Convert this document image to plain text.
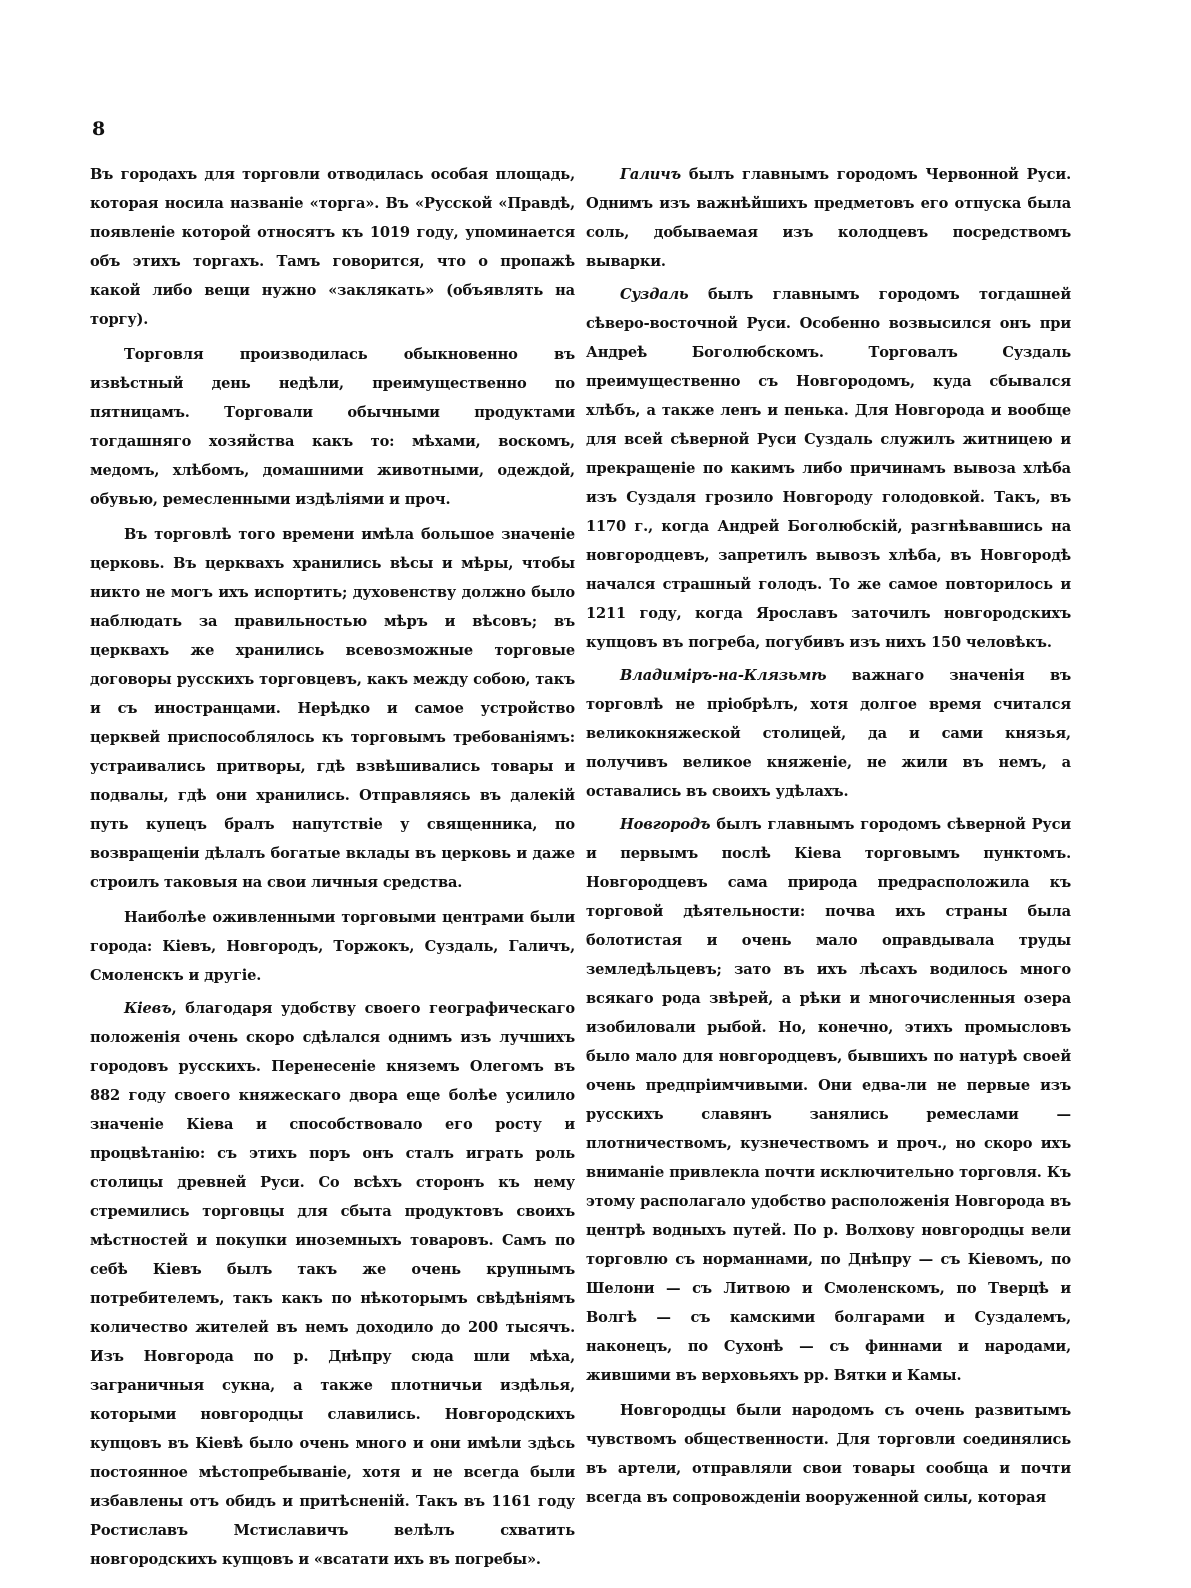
8

Въ городахъ для торговли отводилась особая площадь, которая носила названіе «торга». Въ «Русской «Правдѣ, появленіе которой относятъ къ 1019 году, упоминается объ этихъ торгахъ. Тамъ говорится, что о пропажѣ какой либо вещи нужно «заклякать» (объявлять на торгу).

Торговля производилась обыкновенно въ извѣстный день недѣли, преимущественно по пятницамъ. Торговали обычными продуктами тогдашняго хозяйства какъ то: мѣхами, воскомъ, медомъ, хлѣбомъ, домашними животными, одеждой, обувью, ремесленными издѣліями и проч.

Въ торговлѣ того времени имѣла большое значеніе церковь. Въ церквахъ хранились вѣсы и мѣры, чтобы никто не могъ ихъ испортить; духовенству должно было наблюдать за правильностью мѣръ и вѣсовъ; въ церквахъ же хранились всевозможные торговые договоры русскихъ торговцевъ, какъ между собою, такъ и съ иностранцами. Нерѣдко и самое устройство церквей приспособлялось къ торговымъ требованіямъ: устраивались притворы, гдѣ взвѣшивались товары и подвалы, гдѣ они хранились. Отправляясь въ далекій путь купецъ бралъ напутствіе у священника, по возвращеніи дѣлалъ богатые вклады въ церковь и даже строилъ таковыя на свои личныя средства.

Наиболѣе оживленными торговыми центрами были города: Кіевъ, Новгородъ, Торжокъ, Суздаль, Галичъ, Смоленскъ и другіе.

Кіевъ, благодаря удобству своего географическаго положенія очень скоро сдѣлался однимъ изъ лучшихъ городовъ русскихъ. Перенесеніе княземъ Олегомъ въ 882 году своего княжескаго двора еще болѣе усилило значеніе Кіева и способствовало его росту и процвѣтанію: съ этихъ поръ онъ сталъ играть роль столицы древней Руси. Со всѣхъ сторонъ къ нему стремились торговцы для сбыта продуктовъ своихъ мѣстностей и покупки иноземныхъ товаровъ. Самъ по себѣ Кіевъ былъ такъ же очень крупнымъ потребителемъ, такъ какъ по нѣкоторымъ свѣдѣніямъ количество жителей въ немъ доходило до 200 тысячъ. Изъ Новгорода по р. Днѣпру сюда шли мѣха, заграничныя сукна, а также плотничьи издѣлья, которыми новгородцы славились. Новгородскихъ купцовъ въ Кіевѣ было очень много и они имѣли здѣсь постоянное мѣстопребываніе, хотя и не всегда были избавлены отъ обидъ и притѣсненій. Такъ въ 1161 году Ростиславъ Мстиславичъ велѣлъ схватить новгородскихъ купцовъ и «всатати ихъ въ погребы».

Галичъ былъ главнымъ городомъ Червонной Руси. Однимъ изъ важнѣйшихъ предметовъ его отпуска была соль, добываемая изъ колодцевъ посредствомъ выварки.

Суздаль былъ главнымъ городомъ тогдашней сѣверо-восточной Руси. Особенно возвысился онъ при Андреѣ Боголюбскомъ. Торговалъ Суздаль преимущественно съ Новгородомъ, куда сбывался хлѣбъ, а также ленъ и пенька. Для Новгорода и вообще для всей сѣверной Руси Суздаль служилъ житницею и прекращеніе по какимъ либо причинамъ вывоза хлѣба изъ Суздаля грозило Новгороду голодовкой. Такъ, въ 1170 г., когда Андрей Боголюбскій, разгнѣвавшись на новгородцевъ, запретилъ вывозъ хлѣба, въ Новгородѣ начался страшный голодъ. То же самое повторилось и 1211 году, когда Ярославъ заточилъ новгородскихъ купцовъ въ погреба, погубивъ изъ нихъ 150 человѣкъ.

Владиміръ-на-Клязьмѣ важнаго значенія въ торговлѣ не пріобрѣлъ, хотя долгое время считался великокняжеской столицей, да и сами князья, получивъ великое княженіе, не жили въ немъ, а оставались въ своихъ удѣлахъ.

Новгородъ былъ главнымъ городомъ сѣверной Руси и первымъ послѣ Кіева торговымъ пунктомъ. Новгородцевъ сама природа предрасположила къ торговой дѣятельности: почва ихъ страны была болотистая и очень мало оправдывала труды земледѣльцевъ; зато въ ихъ лѣсахъ водилось много всякаго рода звѣрей, а рѣки и многочисленныя озера изобиловали рыбой. Но, конечно, этихъ промысловъ было мало для новгородцевъ, бывшихъ по натурѣ своей очень предпріимчивыми. Они едва-ли не первые изъ русскихъ славянъ занялись ремеслами — плотничествомъ, кузнечествомъ и проч., но скоро ихъ вниманіе привлекла почти исключительно торговля. Къ этому располагало удобство расположенія Новгорода въ центрѣ водныхъ путей. По р. Волхову новгородцы вели торговлю съ норманнами, по Днѣпру — съ Кіевомъ, по Шелони — съ Литвою и Смоленскомъ, по Тверцѣ и Волгѣ — съ камскими болгарами и Суздалемъ, наконецъ, по Сухонѣ — съ финнами и народами, жившими въ верховьяхъ рр. Вятки и Камы.

Новгородцы были народомъ съ очень развитымъ чувствомъ общественности. Для торговли соединялись въ артели, отправляли свои товары сообща и почти всегда въ сопровожденіи вооруженной силы, которая
